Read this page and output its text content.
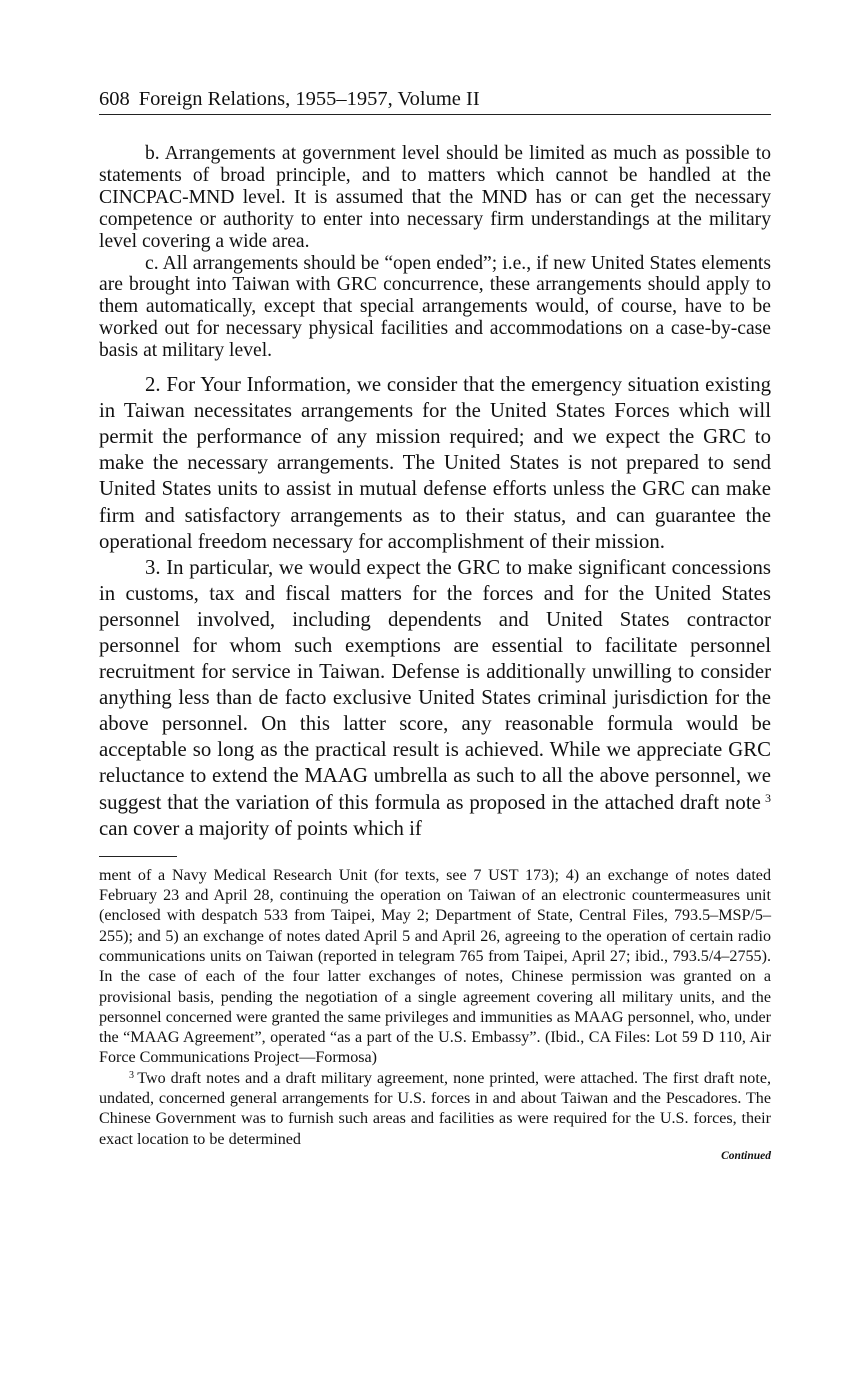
608 Foreign Relations, 1955–1957, Volume II

b. Arrangements at government level should be limited as much as possible to statements of broad principle, and to matters which cannot be handled at the CINCPAC-MND level. It is assumed that the MND has or can get the necessary competence or authority to enter into necessary firm understandings at the military level covering a wide area.

c. All arrangements should be “open ended”; i.e., if new United States elements are brought into Taiwan with GRC concurrence, these arrangements should apply to them automatically, except that special arrangements would, of course, have to be worked out for necessary physical facilities and accommodations on a case-by-case basis at military level.

2. For Your Information, we consider that the emergency situation existing in Taiwan necessitates arrangements for the United States Forces which will permit the performance of any mission required; and we expect the GRC to make the necessary arrangements. The United States is not prepared to send United States units to assist in mutual defense efforts unless the GRC can make firm and satisfactory arrangements as to their status, and can guarantee the operational freedom necessary for accomplishment of their mission.

3. In particular, we would expect the GRC to make significant concessions in customs, tax and fiscal matters for the forces and for the United States personnel involved, including dependents and United States contractor personnel for whom such exemptions are essential to facilitate personnel recruitment for service in Taiwan. Defense is additionally unwilling to consider anything less than de facto exclusive United States criminal jurisdiction for the above personnel. On this latter score, any reasonable formula would be acceptable so long as the practical result is achieved. While we appreciate GRC reluctance to extend the MAAG umbrella as such to all the above personnel, we suggest that the variation of this formula as proposed in the attached draft note  $^3$ can cover a majority of points which if

ment of a Navy Medical Research Unit (for texts, see 7 UST 173); 4) an exchange of notes dated February 23 and April 28, continuing the operation on Taiwan of an electronic countermeasures unit (enclosed with despatch 533 from Taipei, May 2; Department of State, Central Files, 793.5–MSP/5–255); and 5) an exchange of notes dated April 5 and April 26, agreeing to the operation of certain radio communications units on Taiwan (reported in telegram 765 from Taipei, April 27; ibid., 793.5/4–2755). In the case of each of the four latter exchanges of notes, Chinese permission was granted on a provisional basis, pending the negotiation of a single agreement covering all military units, and the personnel concerned were granted the same privileges and immunities as MAAG personnel, who, under the “MAAG Agreement”, operated “as a part of the U.S. Embassy”. (Ibid., CA Files: Lot 59 D 110, Air Force Communications Project—Formosa)

$^3$  Two draft notes and a draft military agreement, none printed, were attached. The first draft note, undated, concerned general arrangements for U.S. forces in and about Taiwan and the Pescadores. The Chinese Government was to furnish such areas and facilities as were required for the U.S. forces, their exact location to be determined

Continued
